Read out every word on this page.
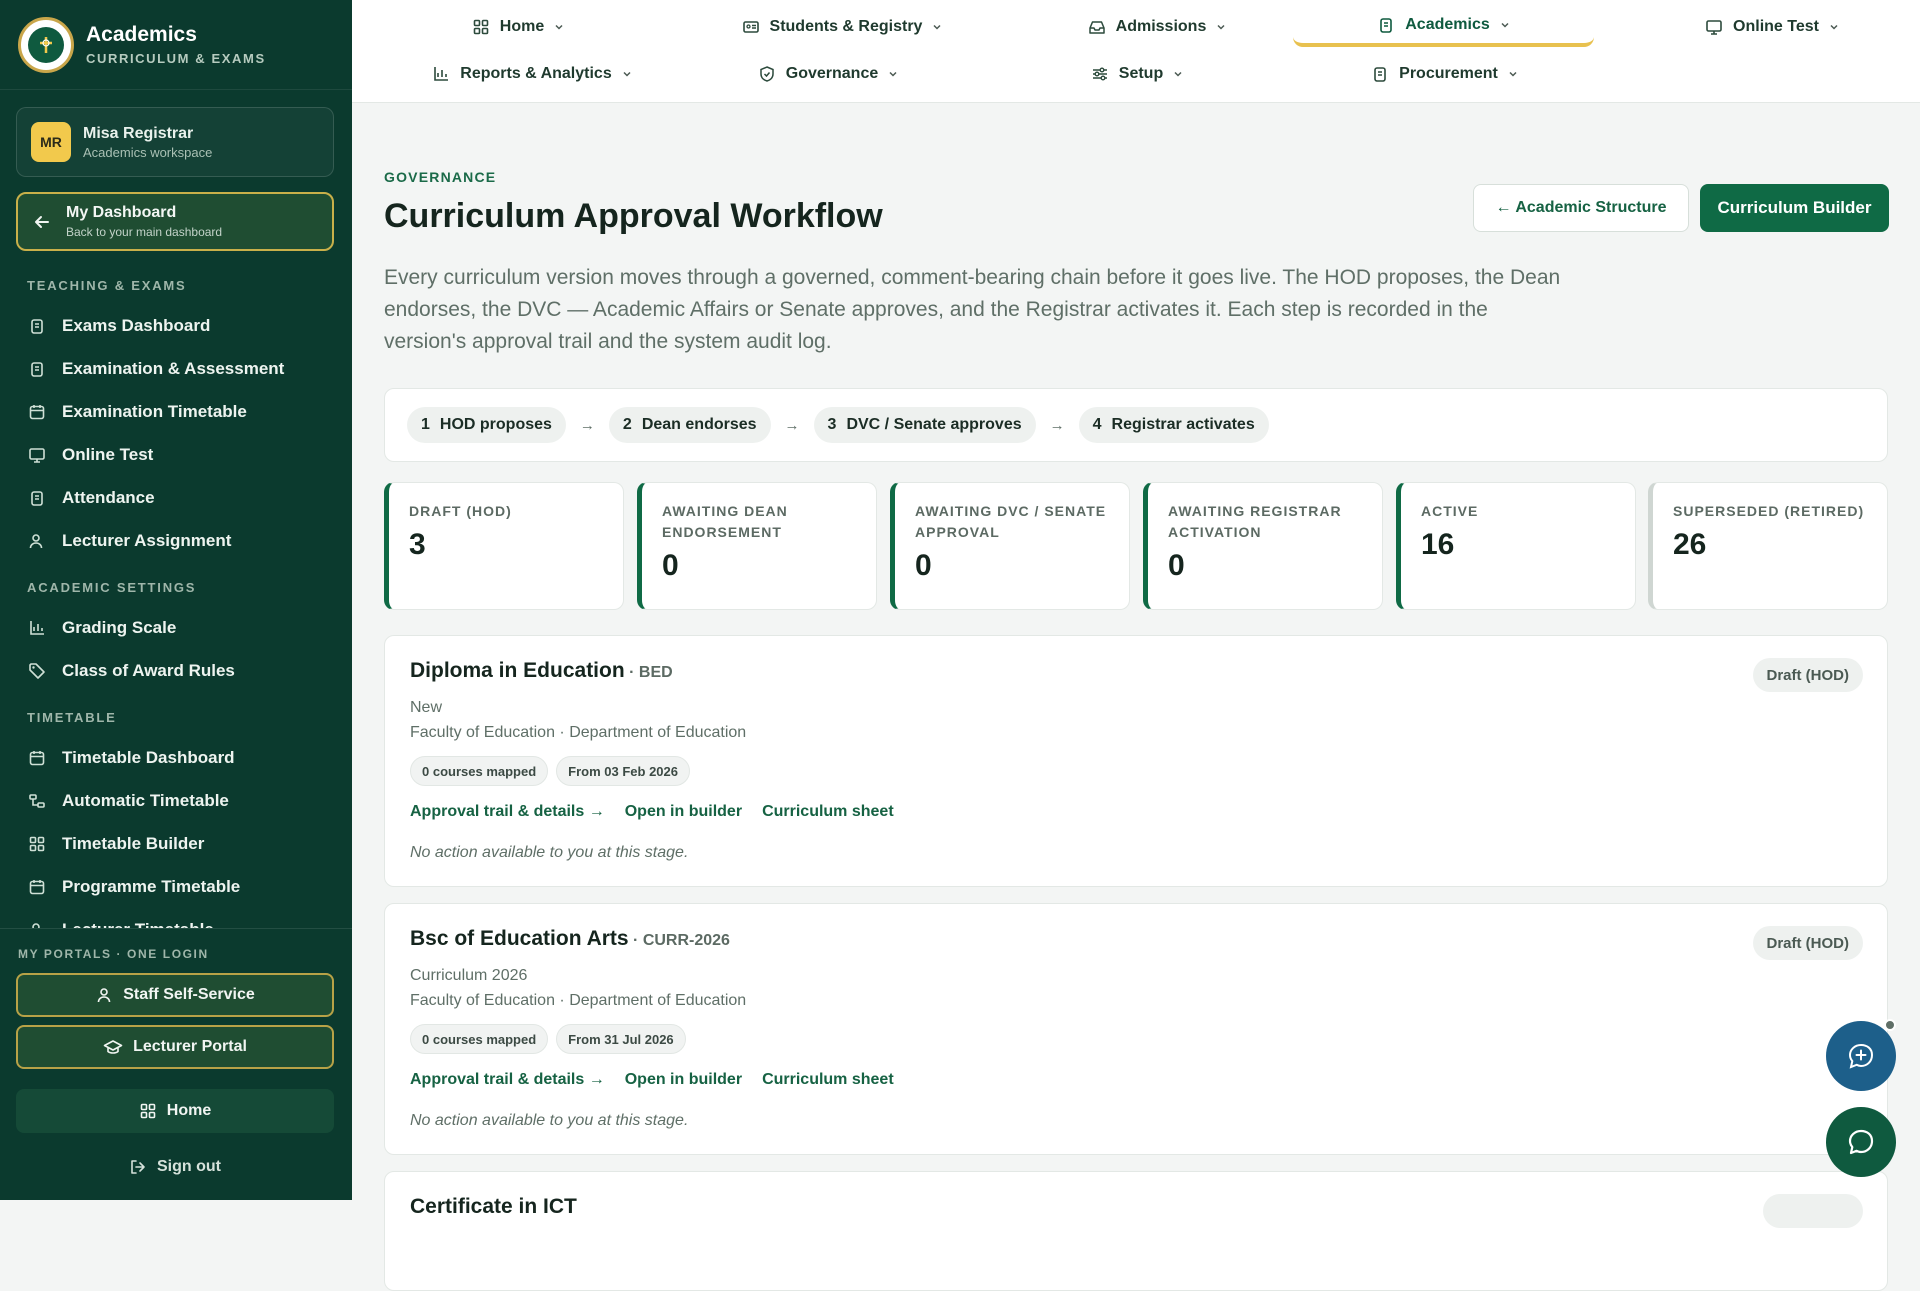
Academics
CURRICULUM & EXAMS
MR
Misa Registrar
Academics workspace
My Dashboard
Back to your main dashboard
TEACHING & EXAMS
Exams Dashboard
Examination & Assessment
Examination Timetable
Online Test
Attendance
Lecturer Assignment
ACADEMIC SETTINGS
Grading Scale
Class of Award Rules
TIMETABLE
Timetable Dashboard
Automatic Timetable
Timetable Builder
Programme Timetable
MY PORTALS · ONE LOGIN
Staff Self-Service
Lecturer Portal
Home
Sign out
Home	Students & Registry	Admissions	Academics	Online Test
Reports & Analytics	Governance	Setup	Procurement
GOVERNANCE
Curriculum Approval Workflow	← Academic Structure	Curriculum Builder

Every curriculum version moves through a governed, comment-bearing chain before it goes live. The HOD proposes, the Dean endorses, the DVC — Academic Affairs or Senate approves, and the Registrar activates it. Each step is recorded in the version's approval trail and the system audit log.

1 HOD proposes → 2 Dean endorses → 3 DVC / Senate approves → 4 Registrar activates
DRAFT (HOD)
3
AWAITING DEAN ENDORSEMENT
0
AWAITING DVC / SENATE APPROVAL
0
AWAITING REGISTRAR ACTIVATION
0
ACTIVE
16
SUPERSEDED (RETIRED)
26
Diploma in Education · BED	Draft (HOD)
New
Faculty of Education · Department of Education
0 courses mapped From 03 Feb 2026
Approval trail & details → Open in builder Curriculum sheet
No action available to you at this stage.
Bsc of Education Arts · CURR-2026	Draft (HOD)
Curriculum 2026
Faculty of Education · Department of Education
0 courses mapped From 31 Jul 2026
Approval trail & details → Open in builder Curriculum sheet
No action available to you at this stage.
Certificate in ICT
